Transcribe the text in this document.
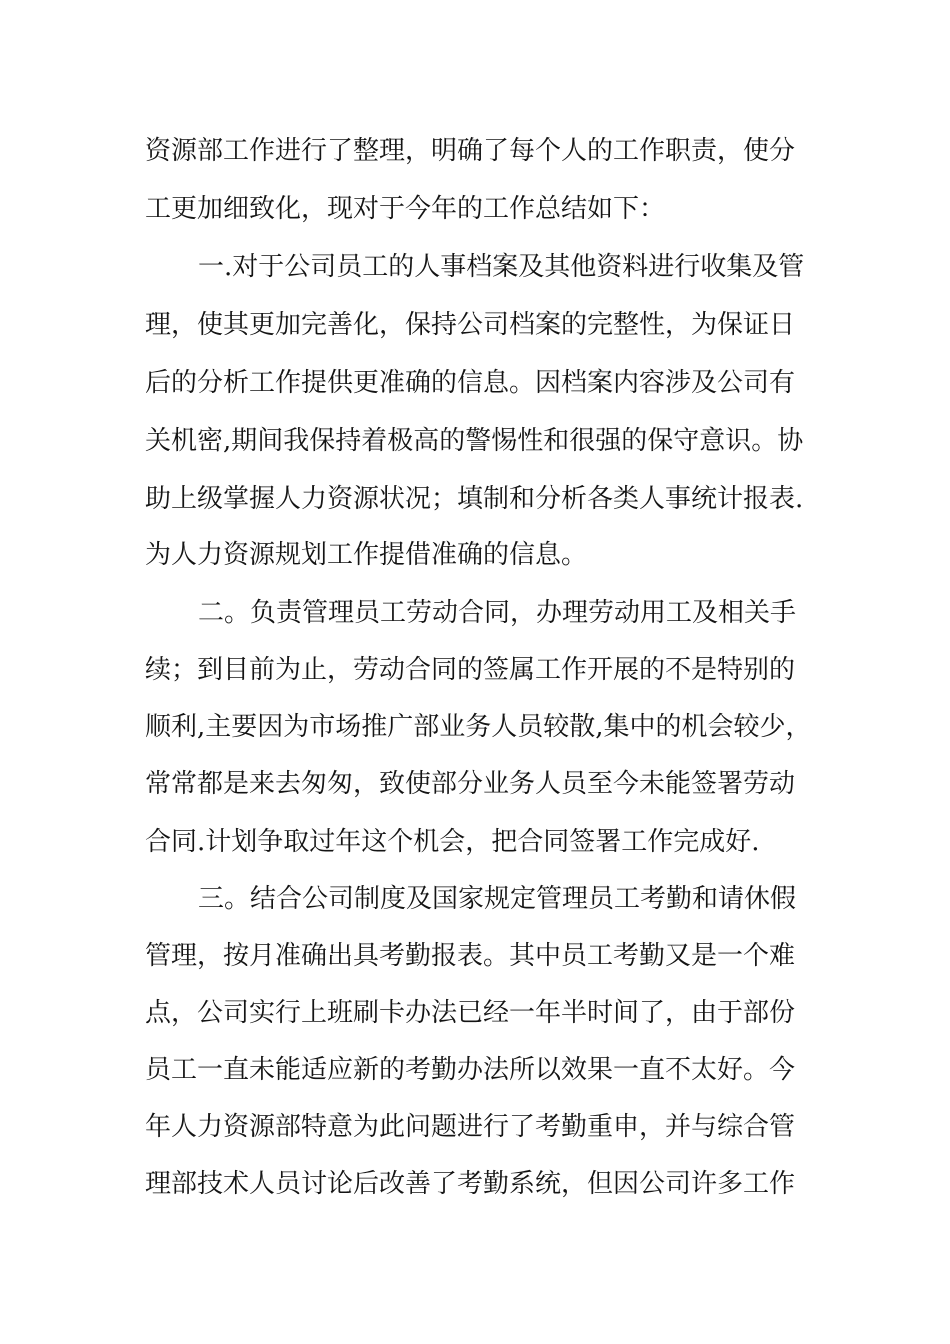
资源部工作进行了整理，明确了每个人的工作职责，使分
工更加细致化，现对于今年的工作总结如下：
一.对于公司员工的人事档案及其他资料进行收集及管
理，使其更加完善化，保持公司档案的完整性，为保证日
后的分析工作提供更准确的信息。因档案内容涉及公司有
关机密,期间我保持着极高的警惕性和很强的保守意识。协
助上级掌握人力资源状况；填制和分析各类人事统计报表.
为人力资源规划工作提借准确的信息。
二。负责管理员工劳动合同，办理劳动用工及相关手
续；到目前为止，劳动合同的签属工作开展的不是特别的
顺利,主要因为市场推广部业务人员较散,集中的机会较少，
常常都是来去匆匆，致使部分业务人员至今未能签署劳动
合同.计划争取过年这个机会，把合同签署工作完成好.
三。结合公司制度及国家规定管理员工考勤和请休假
管理，按月准确出具考勤报表。其中员工考勤又是一个难
点，公司实行上班刷卡办法已经一年半时间了，由于部份
员工一直未能适应新的考勤办法所以效果一直不太好。今
年人力资源部特意为此问题进行了考勤重申，并与综合管
理部技术人员讨论后改善了考勤系统，但因公司许多工作
